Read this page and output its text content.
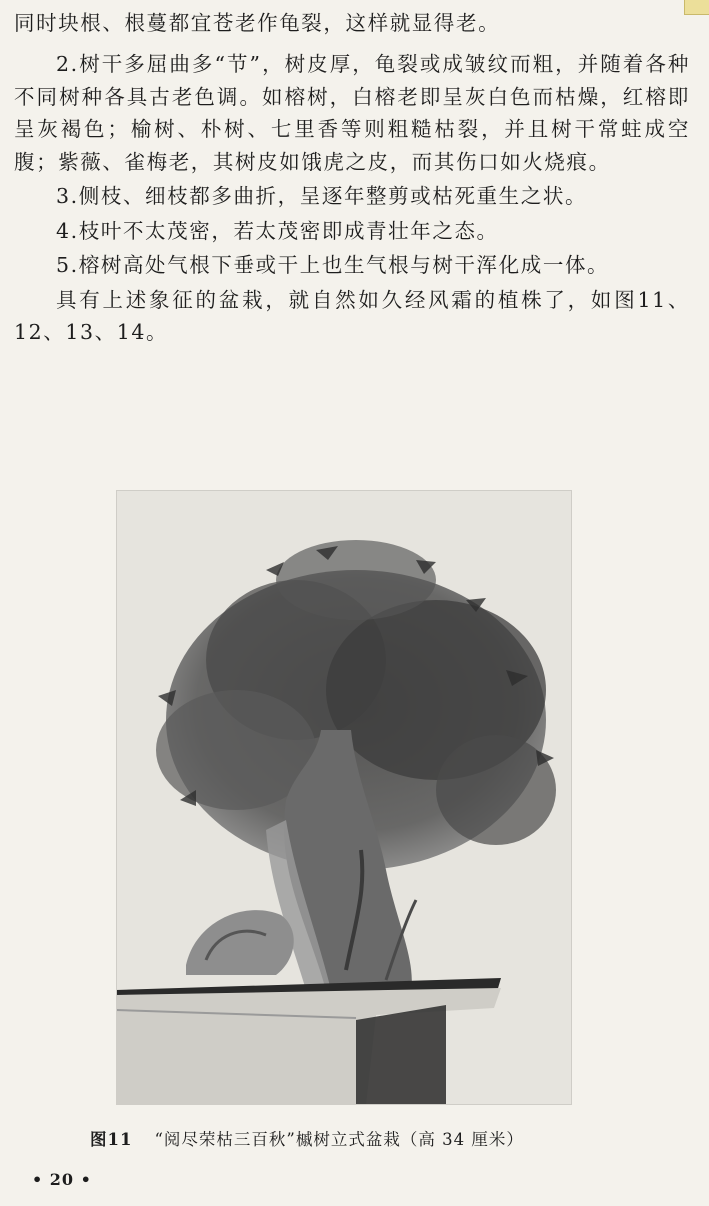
同时块根、根蔓都宜苍老作龟裂，这样就显得老。

2.树干多屈曲多“节”，树皮厚，龟裂或成皱纹而粗，并随着各种不同树种各具古老色调。如榕树，白榕老即呈灰白色而枯燥，红榕即呈灰褐色；榆树、朴树、七里香等则粗糙枯裂，并且树干常蛀成空腹；紫薇、雀梅老，其树皮如饿虎之皮，而其伤口如火烧痕。

3.侧枝、细枝都多曲折，呈逐年整剪或枯死重生之状。

4.枝叶不太茂密，若太茂密即成青壮年之态。

5.榕树高处气根下垂或干上也生气根与树干浑化成一体。

具有上述象征的盆栽，就自然如久经风霜的植株了，如图11、12、13、14。

图11 “阅尽荣枯三百秋”槭树立式盆栽（高 34 厘米）
• 20 •
